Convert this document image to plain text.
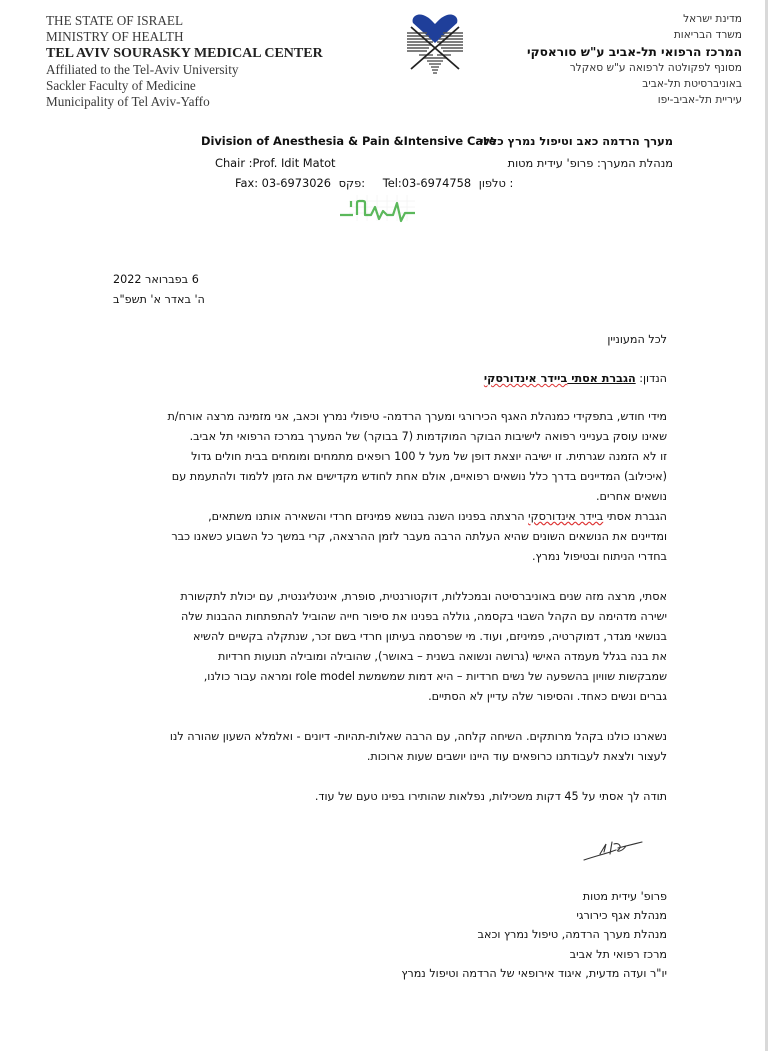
THE STATE OF ISRAEL
MINISTRY OF HEALTH
TEL AVIV SOURASKY MEDICAL CENTER
Affiliated to the Tel-Aviv University
Sackler Faculty of Medicine
Municipality of Tel Aviv-Yaffo
מדינת ישראל
משרד הבריאות
המרכז הרפואי תל-אביב ע"ש סוראסקי
מסונף לפקולטה לרפואה ע"ש סאקלר
באוניברסיטת תל-אביב
עיריית תל-אביב-יפו
Division of Anesthesia & Pain &Intensive Care
מערך הרדמה כאב וטיפול נמרץ כללי
Chair :Prof. Idit Matot	מנהלת המערך: פרופ' עידית מטות
Fax: 03-6973026 פקס: Tel:03-6974758 טלפון :
6 בפברואר 2022
ה' באדר א' תשפ"ב
לכל המעוניין
הנדון: הגברת אסתי ביידר אינדורסקי
מידי חודש, בתפקידי כמנהלת האגף הכירורגי ומערך הרדמה- טיפולי נמרץ וכאב, אני מזמינה מרצה אורח/ת
שאינו עוסק בענייני רפואה לישיבות הבוקר המוקדמות (7 בבוקר) של המערך במרכז הרפואי תל אביב.
זו לא הזמנה שגרתית. זו ישיבה יוצאת דופן של מעל ל 100 רופאים מתמחים ומומחים בבית חולים גדול
(איכילוב) המדיינים בדרך כלל נושאים רפואיים, אולם אחת לחודש מקדישים את הזמן ללמוד ולהתעמת עם
נושאים אחרים.
הגברת אסתי ביידר אינדורסקי הרצתה בפנינו השנה בנושא פמיניזם חרדי והשאירה אותנו משתאים,
ומדיינים את הנושאים השונים שהיא העלתה הרבה מעבר לזמן ההרצאה, קרי במשך כל השבוע כשאנו כבר
בחדרי הניתוח ובטיפול נמרץ.
אסתי, מרצה מזה שנים באוניברסיטה ובמכללות, דוקטורנטית, סופרת, אינטליגנטית, עם יכולת לתקשורת
ישירה מדהימה עם הקהל השבוי בקסמה, גוללה בפנינו את סיפור חייה שהוביל להתפתחות ההבנות שלה
בנושאי מגדר, דמוקרטיה, פמיניזם, ועוד. מי שפרסמה בעיתון חרדי בשם זכר, שנתקלה בקשיים להשיא
את בנה בגלל מעמדה האישי (גרושה ונשואה בשנית – באושר), שהובילה ומובילה תנועות חרדיות
שמבקשות שוויון בהשפעה של נשים חרדיות – היא דמות שמשמשת role model ומראה עבור כולנו,
גברים ונשים כאחד. והסיפור שלה עדיין לא הסתיים.
נשארנו כולנו בקהל מרותקים. השיחה קלחה, עם הרבה שאלות-תהיות- דיונים - ואלמלא השעון שהורה לנו
לעצור ולצאת לעבודתנו כרופאים עוד היינו יושבים שעות ארוכות.
תודה לך אסתי על 45 דקות משכילות, נפלאות שהותירו בפינו טעם של עוד.
פרופ' עידית מטות
מנהלת אגף כירורגי
מנהלת מערך הרדמה, טיפול נמרץ וכאב
מרכז רפואי תל אביב
יו"ר ועדה מדעית, איגוד אירופאי של הרדמה וטיפול נמרץ
